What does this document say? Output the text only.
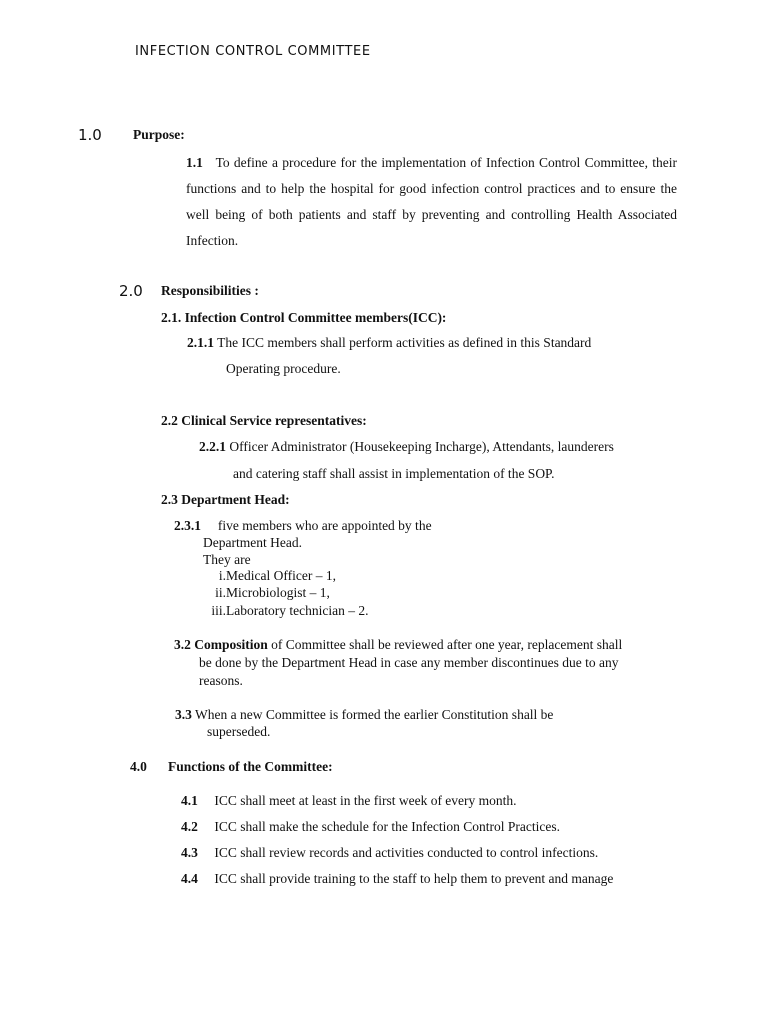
INFECTION CONTROL COMMITTEE
1.0 Purpose:
1.1 To define a procedure for the implementation of Infection Control Committee, their functions and to help the hospital for good infection control practices and to ensure the well being of both patients and staff by preventing and controlling Health Associated Infection.
2.0 Responsibilities :
2.1. Infection Control Committee members(ICC):
2.1.1 The ICC members shall perform activities as defined in this Standard
Operating procedure.
2.2 Clinical Service representatives:
2.2.1 Officer Administrator (Housekeeping Incharge), Attendants, launderers
and catering staff shall assist in implementation of the SOP.
2.3 Department Head:
2.3.1 five members who are appointed by the
Department Head.
They are
i. Medical Officer – 1,
ii. Microbiologist – 1,
iii. Laboratory technician – 2.
3.2 Composition of Committee shall be reviewed after one year, replacement shall
be done by the Department Head in case any member discontinues due to any
reasons.
3.3 When a new Committee is formed the earlier Constitution shall be
superseded.
4.0 Functions of the Committee:
4.1 ICC shall meet at least in the first week of every month.
4.2 ICC shall make the schedule for the Infection Control Practices.
4.3 ICC shall review records and activities conducted to control infections.
4.4 ICC shall provide training to the staff to help them to prevent and manage
